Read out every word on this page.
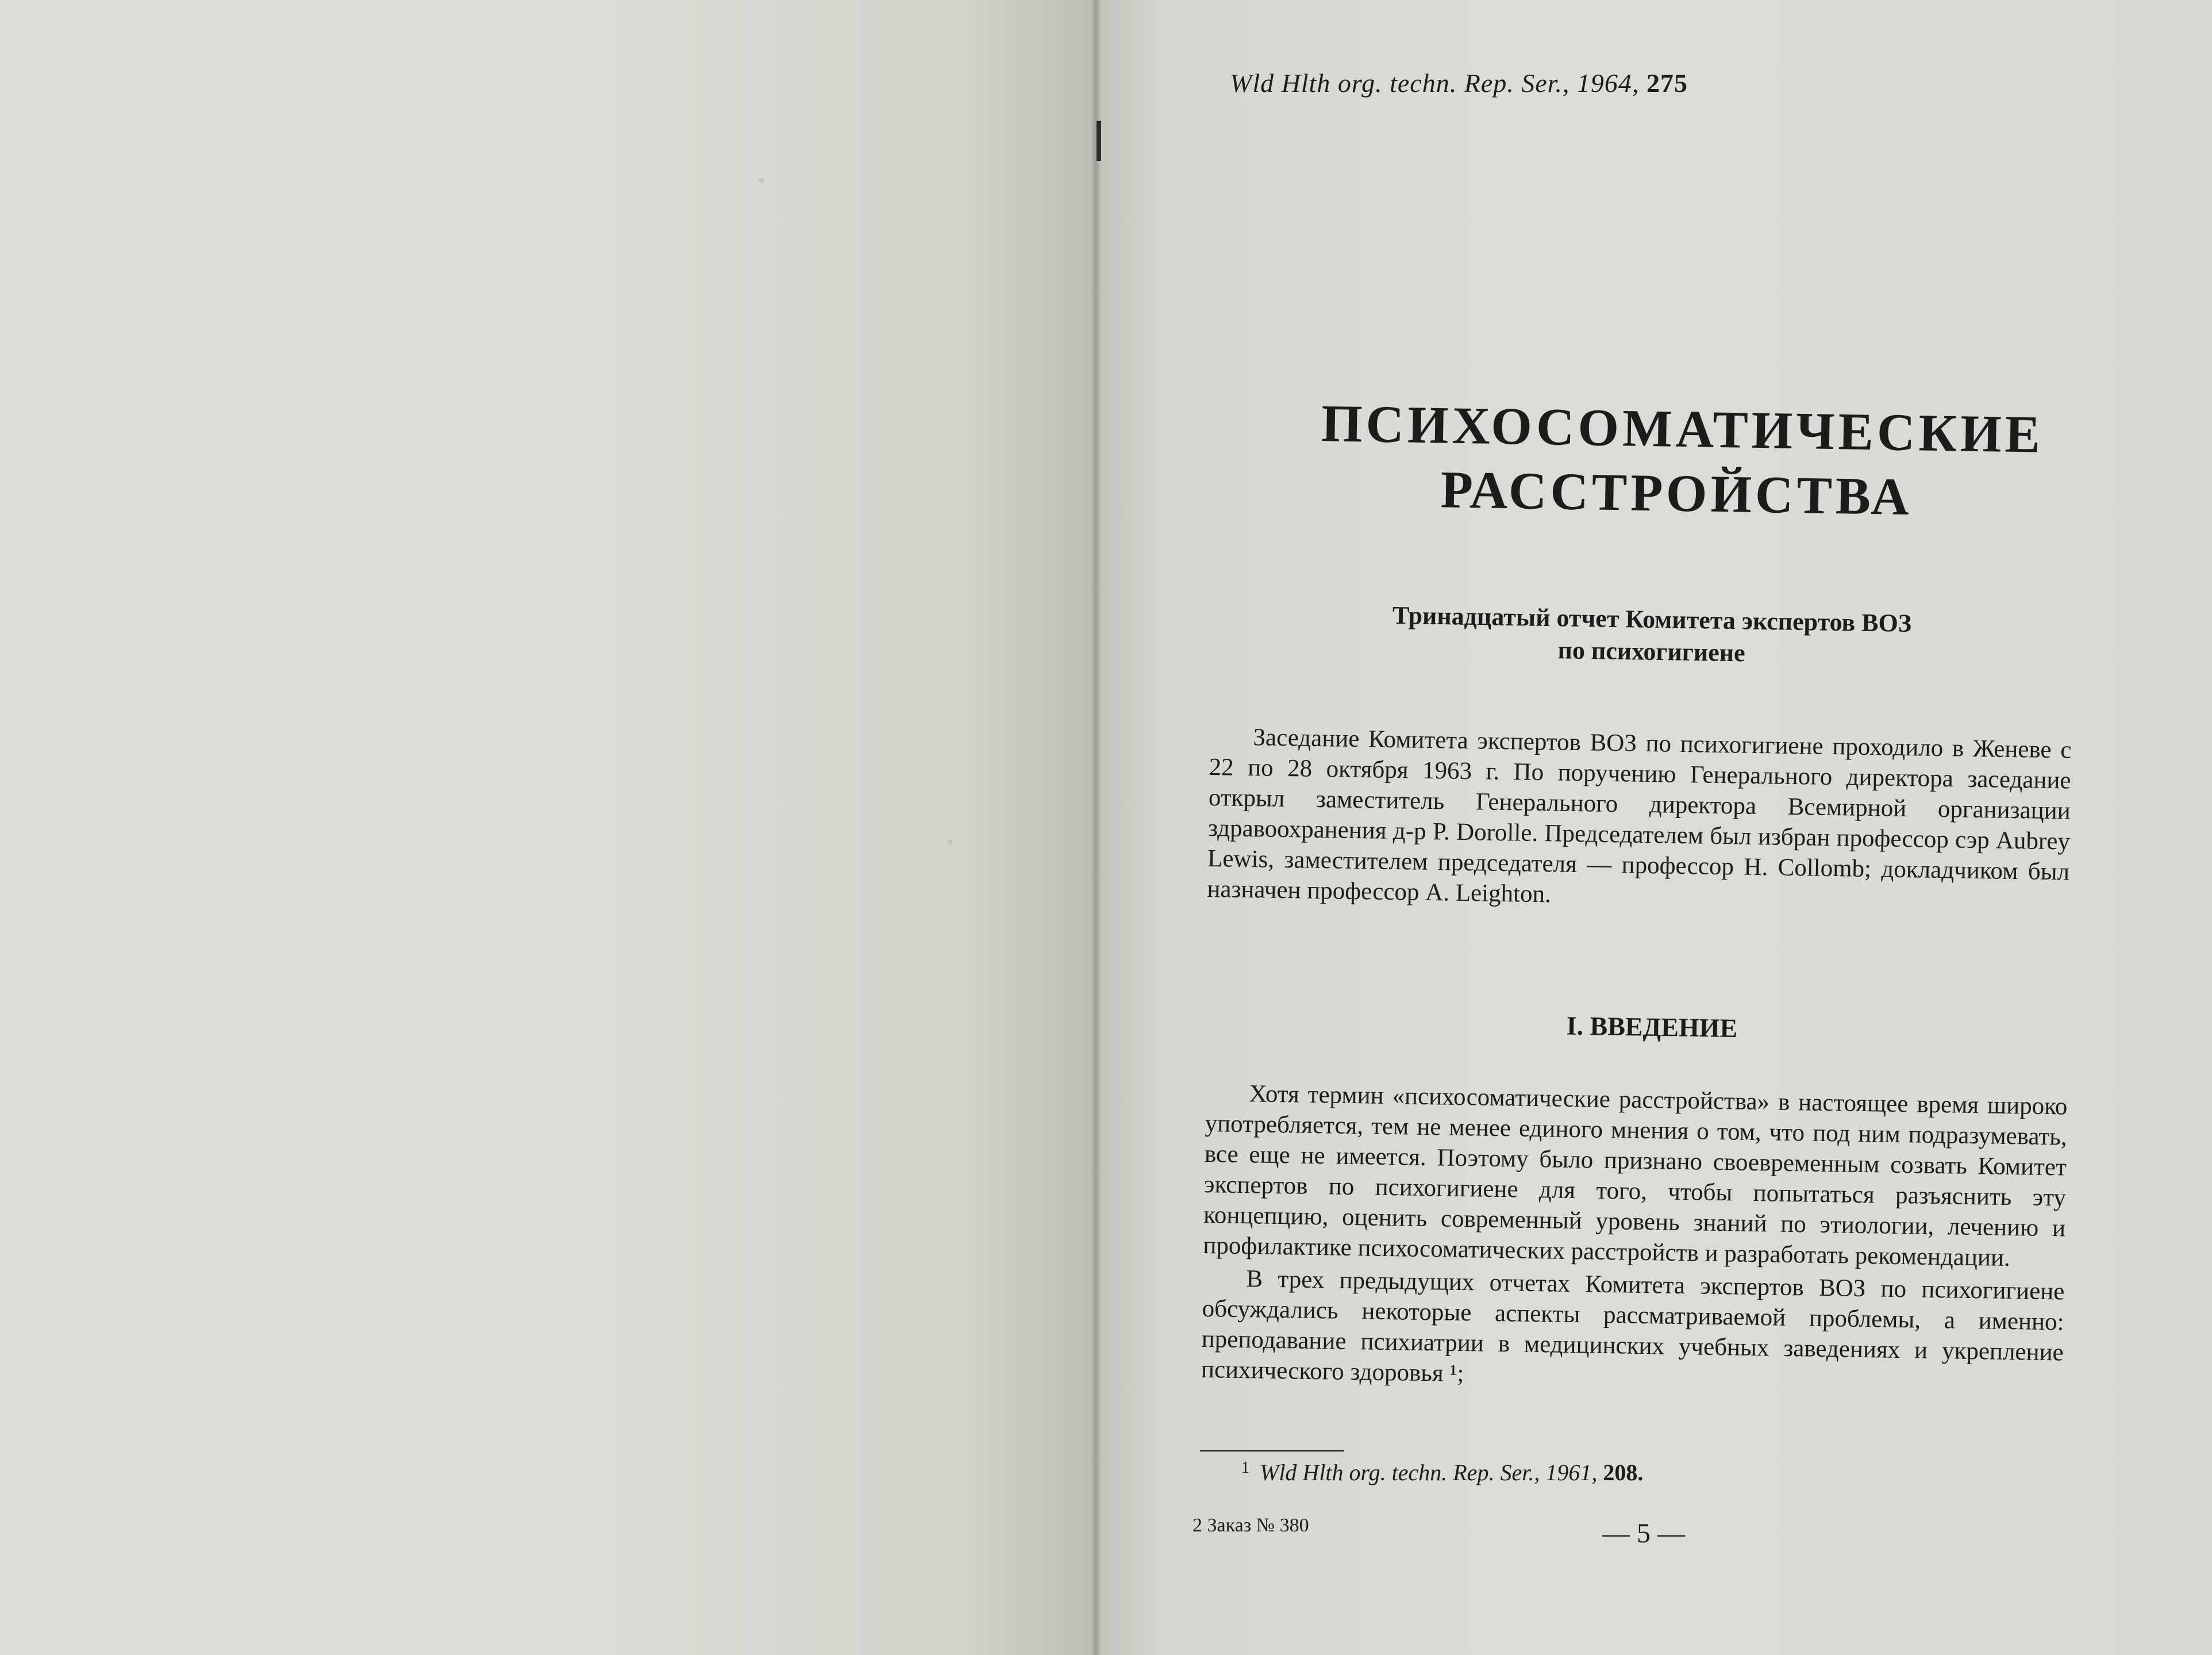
Wld Hlth org. techn. Rep. Ser., 1964, 275
ПСИХОСОМАТИЧЕСКИЕ РАССТРОЙСТВА
Тринадцатый отчет Комитета экспертов ВОЗ
по психогигиене

Заседание Комитета экспертов ВОЗ по психогигиене проходило в Женеве с 22 по 28 октября 1963 г. По поручению Генерального директора заседание открыл заместитель Генерального директора Всемирной организации здравоохранения д-р P. Dorolle. Председателем был избран профессор сэр Aubrey Lewis, заместителем председателя — профессор H. Collomb; докладчиком был назначен профессор A. Leighton.

I. ВВЕДЕНИЕ

Хотя термин «психосоматические расстройства» в настоящее время широко употребляется, тем не менее единого мнения о том, что под ним подразумевать, все еще не имеется. Поэтому было признано своевременным созвать Комитет экспертов по психогигиене для того, чтобы попытаться разъяснить эту концепцию, оценить современный уровень знаний по этиологии, лечению и профилактике психосоматических расстройств и разработать рекомендации.

В трех предыдущих отчетах Комитета экспертов ВОЗ по психогигиене обсуждались некоторые аспекты рассматриваемой проблемы, а именно: преподавание психиатрии в медицинских учебных заведениях и укрепление психического здоровья ¹;

$^1$ Wld Hlth org. techn. Rep. Ser., 1961, 208.
2 Заказ № 380	— 5 —
